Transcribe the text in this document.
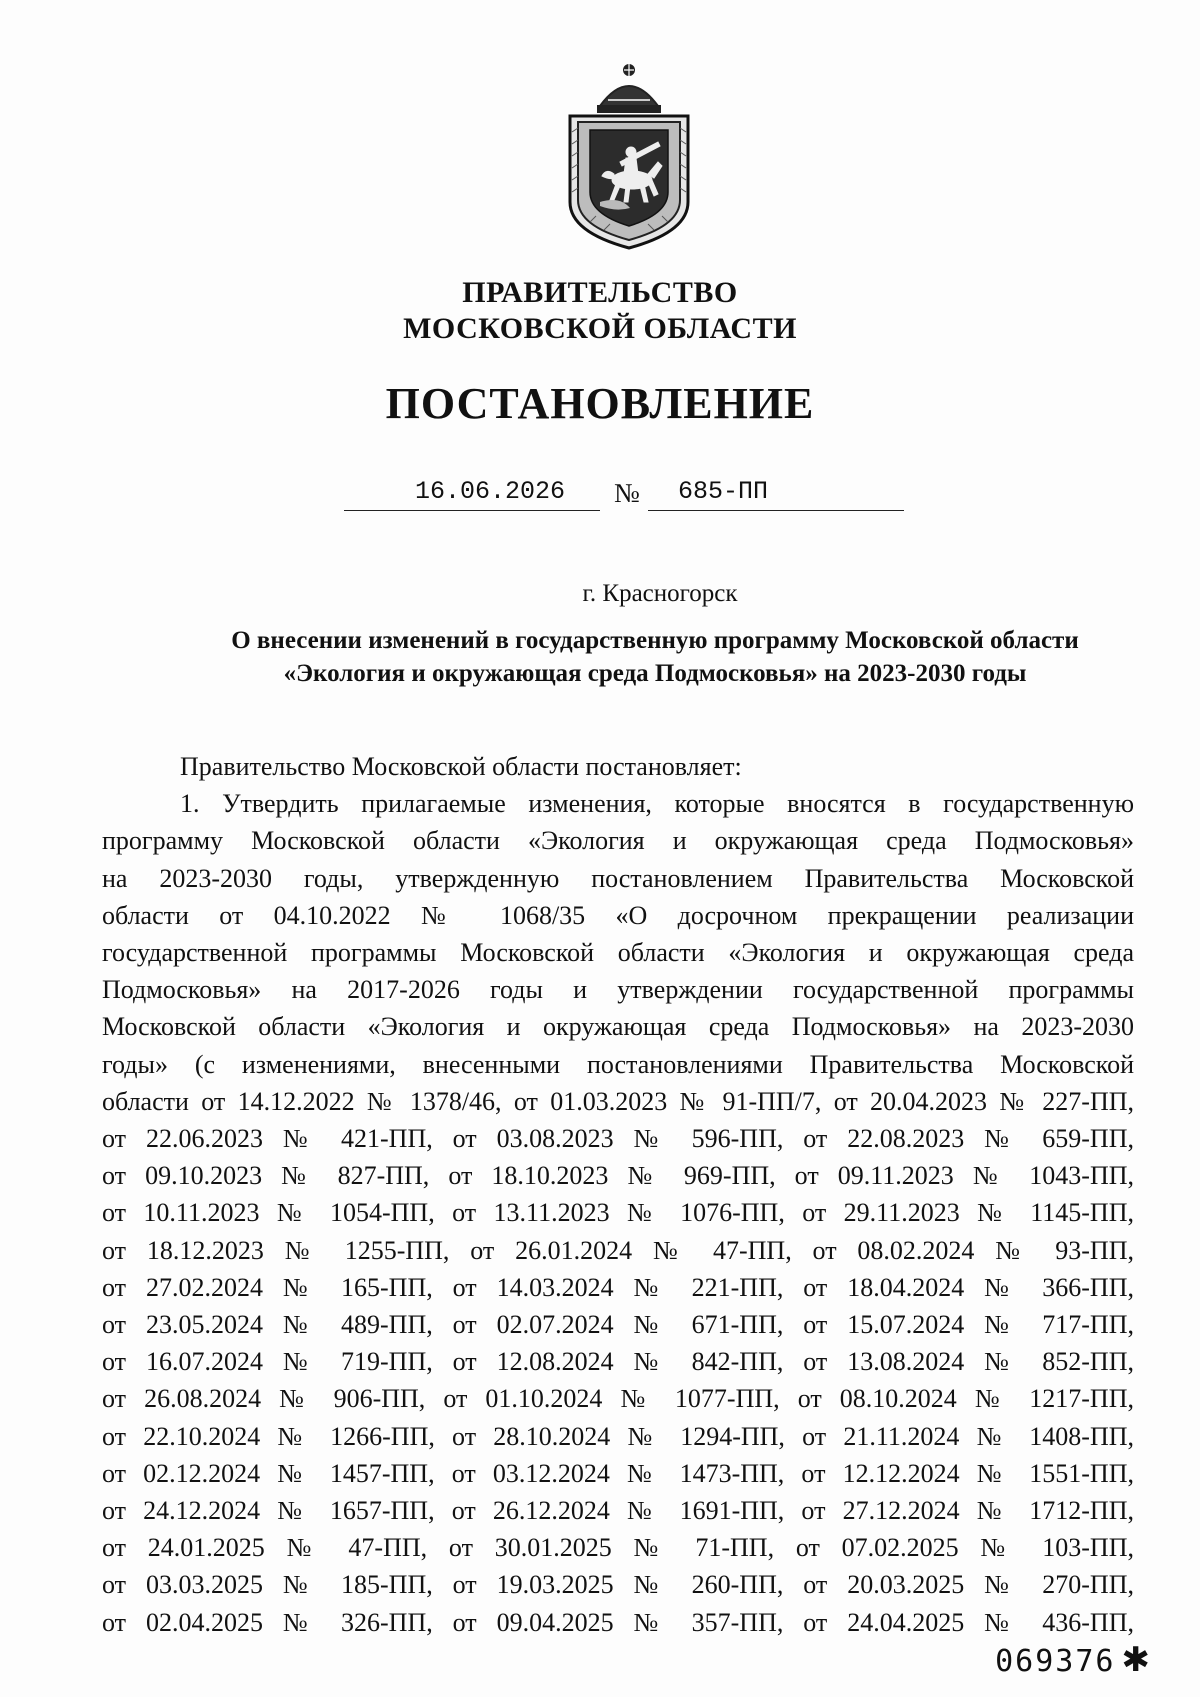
ПРАВИТЕЛЬСТВО
МОСКОВСКОЙ ОБЛАСТИ
ПОСТАНОВЛЕНИЕ
16.06.2026 № 685-ПП
г. Красногорск
О внесении изменений в государственную программу Московской области
«Экология и окружающая среда Подмосковья» на 2023-2030 годы
Правительство Московской области постановляет:
1. Утвердить прилагаемые изменения, которые вносятся в государственную
программу Московской области «Экология и окружающая среда Подмосковья»
на 2023-2030 годы, утвержденную постановлением Правительства Московской
области от 04.10.2022 № 1068/35 «О досрочном прекращении реализации
государственной программы Московской области «Экология и окружающая среда
Подмосковья» на 2017-2026 годы и утверждении государственной программы
Московской области «Экология и окружающая среда Подмосковья» на 2023-2030
годы» (с изменениями, внесенными постановлениями Правительства Московской
области от 14.12.2022 № 1378/46, от 01.03.2023 № 91-ПП/7, от 20.04.2023 № 227-ПП,
от 22.06.2023 № 421-ПП, от 03.08.2023 № 596-ПП, от 22.08.2023 № 659-ПП,
от 09.10.2023 № 827-ПП, от 18.10.2023 № 969-ПП, от 09.11.2023 № 1043-ПП,
от 10.11.2023 № 1054-ПП, от 13.11.2023 № 1076-ПП, от 29.11.2023 № 1145-ПП,
от 18.12.2023 № 1255-ПП, от 26.01.2024 № 47-ПП, от 08.02.2024 № 93-ПП,
от 27.02.2024 № 165-ПП, от 14.03.2024 № 221-ПП, от 18.04.2024 № 366-ПП,
от 23.05.2024 № 489-ПП, от 02.07.2024 № 671-ПП, от 15.07.2024 № 717-ПП,
от 16.07.2024 № 719-ПП, от 12.08.2024 № 842-ПП, от 13.08.2024 № 852-ПП,
от 26.08.2024 № 906-ПП, от 01.10.2024 № 1077-ПП, от 08.10.2024 № 1217-ПП,
от 22.10.2024 № 1266-ПП, от 28.10.2024 № 1294-ПП, от 21.11.2024 № 1408-ПП,
от 02.12.2024 № 1457-ПП, от 03.12.2024 № 1473-ПП, от 12.12.2024 № 1551-ПП,
от 24.12.2024 № 1657-ПП, от 26.12.2024 № 1691-ПП, от 27.12.2024 № 1712-ПП,
от 24.01.2025 № 47-ПП, от 30.01.2025 № 71-ПП, от 07.02.2025 № 103-ПП,
от 03.03.2025 № 185-ПП, от 19.03.2025 № 260-ПП, от 20.03.2025 № 270-ПП,
от 02.04.2025 № 326-ПП, от 09.04.2025 № 357-ПП, от 24.04.2025 № 436-ПП,
069376 ✱
